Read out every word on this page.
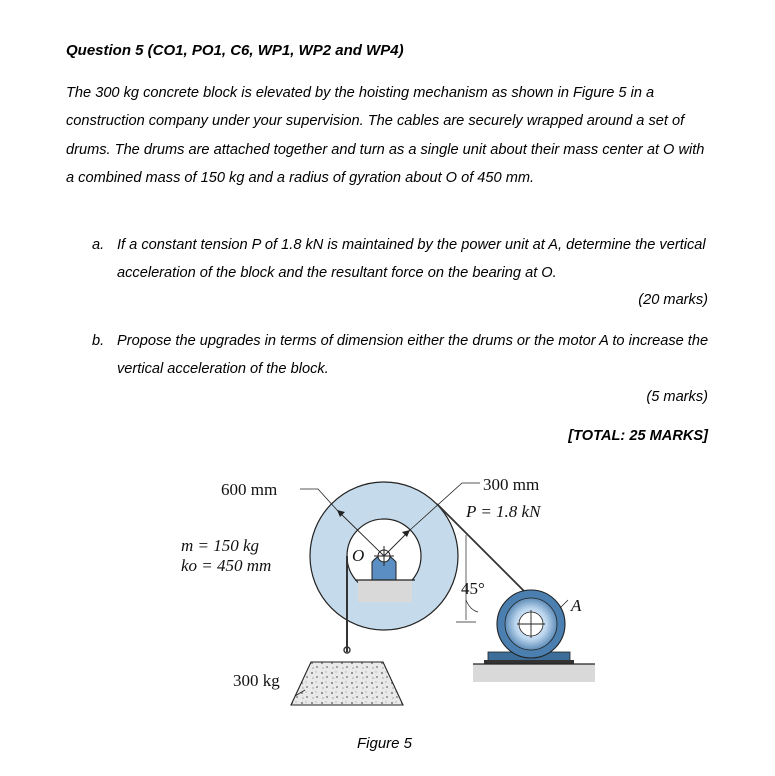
Question 5 (CO1, PO1, C6, WP1, WP2 and WP4)
The 300 kg concrete block is elevated by the hoisting mechanism as shown in Figure 5 in a construction company under your supervision. The cables are securely wrapped around a set of drums. The drums are attached together and turn as a single unit about their mass center at O with a combined mass of 150 kg and a radius of gyration about O of 450 mm.
a. If a constant tension P of 1.8 kN is maintained by the power unit at A, determine the vertical acceleration of the block and the resultant force on the bearing at O.
(20 marks)
b. Propose the upgrades in terms of dimension either the drums or the motor A to increase the vertical acceleration of the block.
(5 marks)
[TOTAL: 25 MARKS]
600 mm	300 mm
P = 1.8 kN
m = 150 kg
ko = 450 mm
O
300 kg
45°
A
Figure 5
